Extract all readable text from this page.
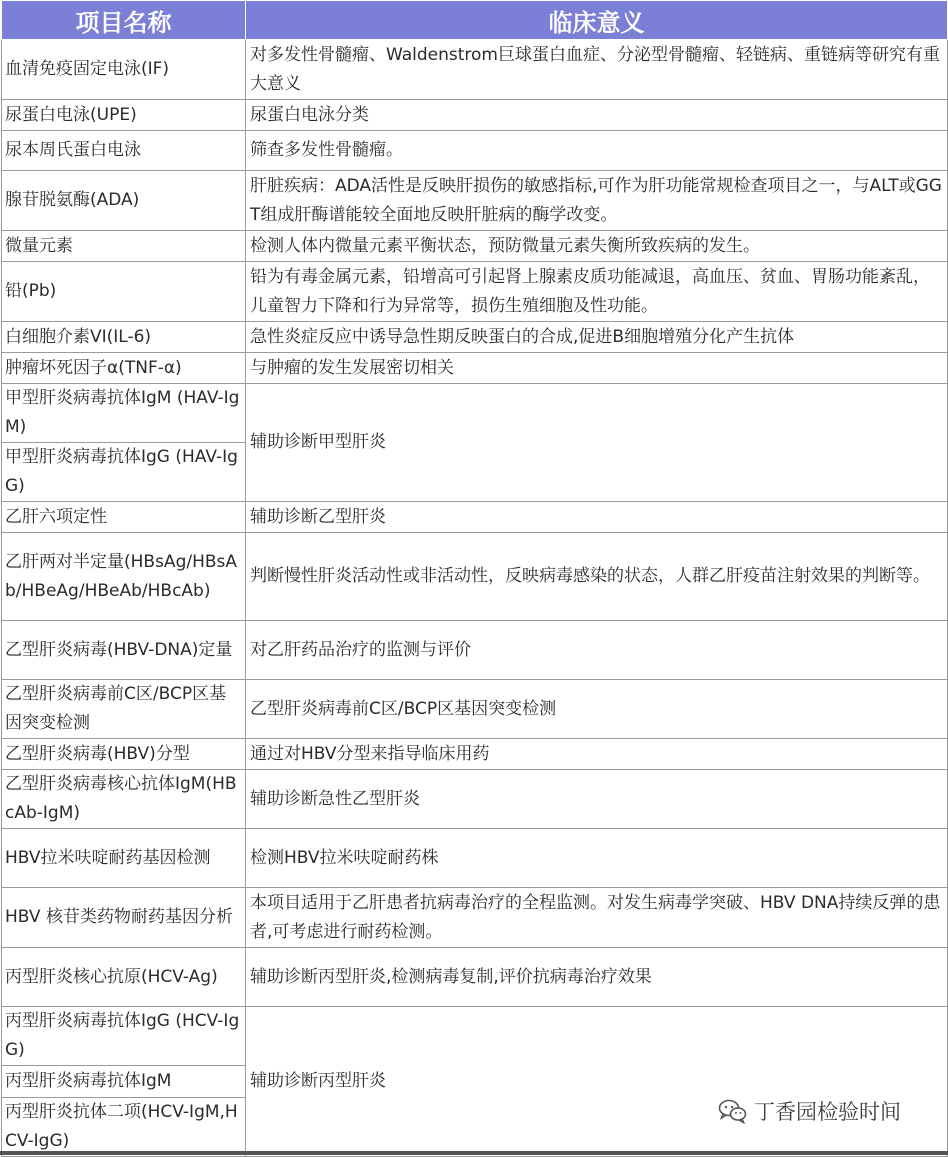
项目名称	临床意义
血清免疫固定电泳(IF)	对多发性骨髓瘤、Waldenstrom巨球蛋白血症、分泌型骨髓瘤、轻链病、重链病等研究有重大意义
尿蛋白电泳(UPE)	尿蛋白电泳分类
尿本周氏蛋白电泳	筛查多发性骨髓瘤。
腺苷脱氨酶(ADA)	肝脏疾病：ADA活性是反映肝损伤的敏感指标,可作为肝功能常规检查项目之一，与ALT或GGT组成肝酶谱能较全面地反映肝脏病的酶学改变。
微量元素	检测人体内微量元素平衡状态，预防微量元素失衡所致疾病的发生。
铅(Pb)	铅为有毒金属元素，铅增高可引起肾上腺素皮质功能减退，高血压、贫血、胃肠功能紊乱，儿童智力下降和行为异常等，损伤生殖细胞及性功能。
白细胞介素VI(IL-6)	急性炎症反应中诱导急性期反映蛋白的合成,促进B细胞增殖分化产生抗体
肿瘤坏死因子α(TNF-α)	与肿瘤的发生发展密切相关
甲型肝炎病毒抗体IgM (HAV-IgM)	辅助诊断甲型肝炎
甲型肝炎病毒抗体IgG (HAV-IgG)	
乙肝六项定性	辅助诊断乙型肝炎
乙肝两对半定量(HBsAg/HBsAb/HBeAg/HBeAb/HBcAb)	判断慢性肝炎活动性或非活动性，反映病毒感染的状态，人群乙肝疫苗注射效果的判断等。
乙型肝炎病毒(HBV-DNA)定量	对乙肝药品治疗的监测与评价
乙型肝炎病毒前C区/BCP区基因突变检测	乙型肝炎病毒前C区/BCP区基因突变检测
乙型肝炎病毒(HBV)分型	通过对HBV分型来指导临床用药
乙型肝炎病毒核心抗体IgM(HBcAb-IgM)	辅助诊断急性乙型肝炎
HBV拉米呋啶耐药基因检测	检测HBV拉米呋啶耐药株
HBV 核苷类药物耐药基因分析	本项目适用于乙肝患者抗病毒治疗的全程监测。对发生病毒学突破、HBV DNA持续反弹的患者,可考虑进行耐药检测。
丙型肝炎核心抗原(HCV-Ag)	辅助诊断丙型肝炎,检测病毒复制,评价抗病毒治疗效果
丙型肝炎病毒抗体IgG (HCV-IgG)	辅助诊断丙型肝炎
丙型肝炎病毒抗体IgM	
丙型肝炎抗体二项(HCV-IgM,HCV-IgG)	
丁香园检验时间
